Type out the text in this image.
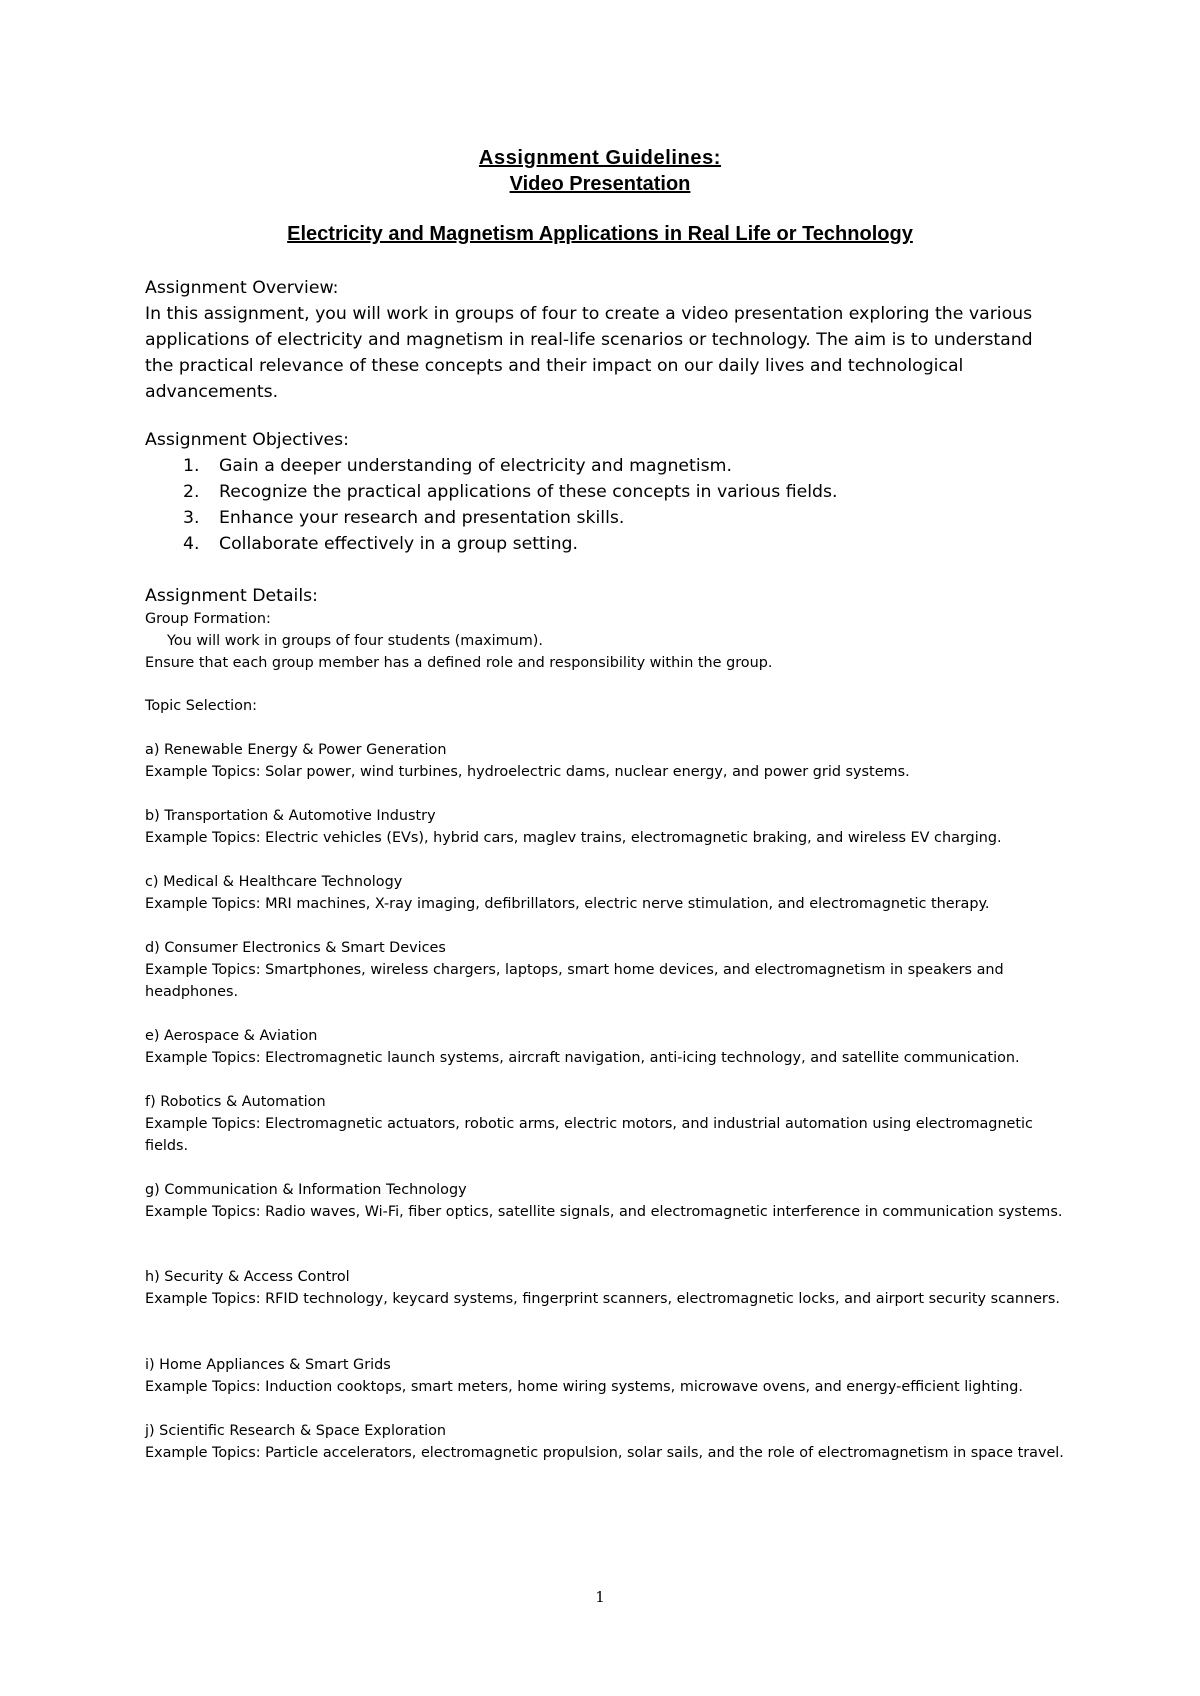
Assignment Guidelines:
Video Presentation
Electricity and Magnetism Applications in Real Life or Technology

Assignment Overview:

In this assignment, you will work in groups of four to create a video presentation exploring the various applications of electricity and magnetism in real-life scenarios or technology. The aim is to understand the practical relevance of these concepts and their impact on our daily lives and technological advancements.

Assignment Objectives:
1. Gain a deeper understanding of electricity and magnetism.
2. Recognize the practical applications of these concepts in various fields.
3. Enhance your research and presentation skills.
4. Collaborate effectively in a group setting.
Assignment Details:

Group Formation:

You will work in groups of four students (maximum).

Ensure that each group member has a defined role and responsibility within the group.

Topic Selection:

a) Renewable Energy & Power Generation

Example Topics: Solar power, wind turbines, hydroelectric dams, nuclear energy, and power grid systems.

b) Transportation & Automotive Industry

Example Topics: Electric vehicles (EVs), hybrid cars, maglev trains, electromagnetic braking, and wireless EV charging.

c) Medical & Healthcare Technology

Example Topics: MRI machines, X-ray imaging, defibrillators, electric nerve stimulation, and electromagnetic therapy.

d) Consumer Electronics & Smart Devices

Example Topics: Smartphones, wireless chargers, laptops, smart home devices, and electromagnetism in speakers and headphones.

e) Aerospace & Aviation

Example Topics: Electromagnetic launch systems, aircraft navigation, anti-icing technology, and satellite communication.

f) Robotics & Automation

Example Topics: Electromagnetic actuators, robotic arms, electric motors, and industrial automation using electromagnetic fields.

g) Communication & Information Technology

Example Topics: Radio waves, Wi-Fi, fiber optics, satellite signals, and electromagnetic interference in communication systems.

h) Security & Access Control

Example Topics: RFID technology, keycard systems, fingerprint scanners, electromagnetic locks, and airport security scanners.

i) Home Appliances & Smart Grids

Example Topics: Induction cooktops, smart meters, home wiring systems, microwave ovens, and energy-efficient lighting.

j) Scientific Research & Space Exploration

Example Topics: Particle accelerators, electromagnetic propulsion, solar sails, and the role of electromagnetism in space travel.

1
